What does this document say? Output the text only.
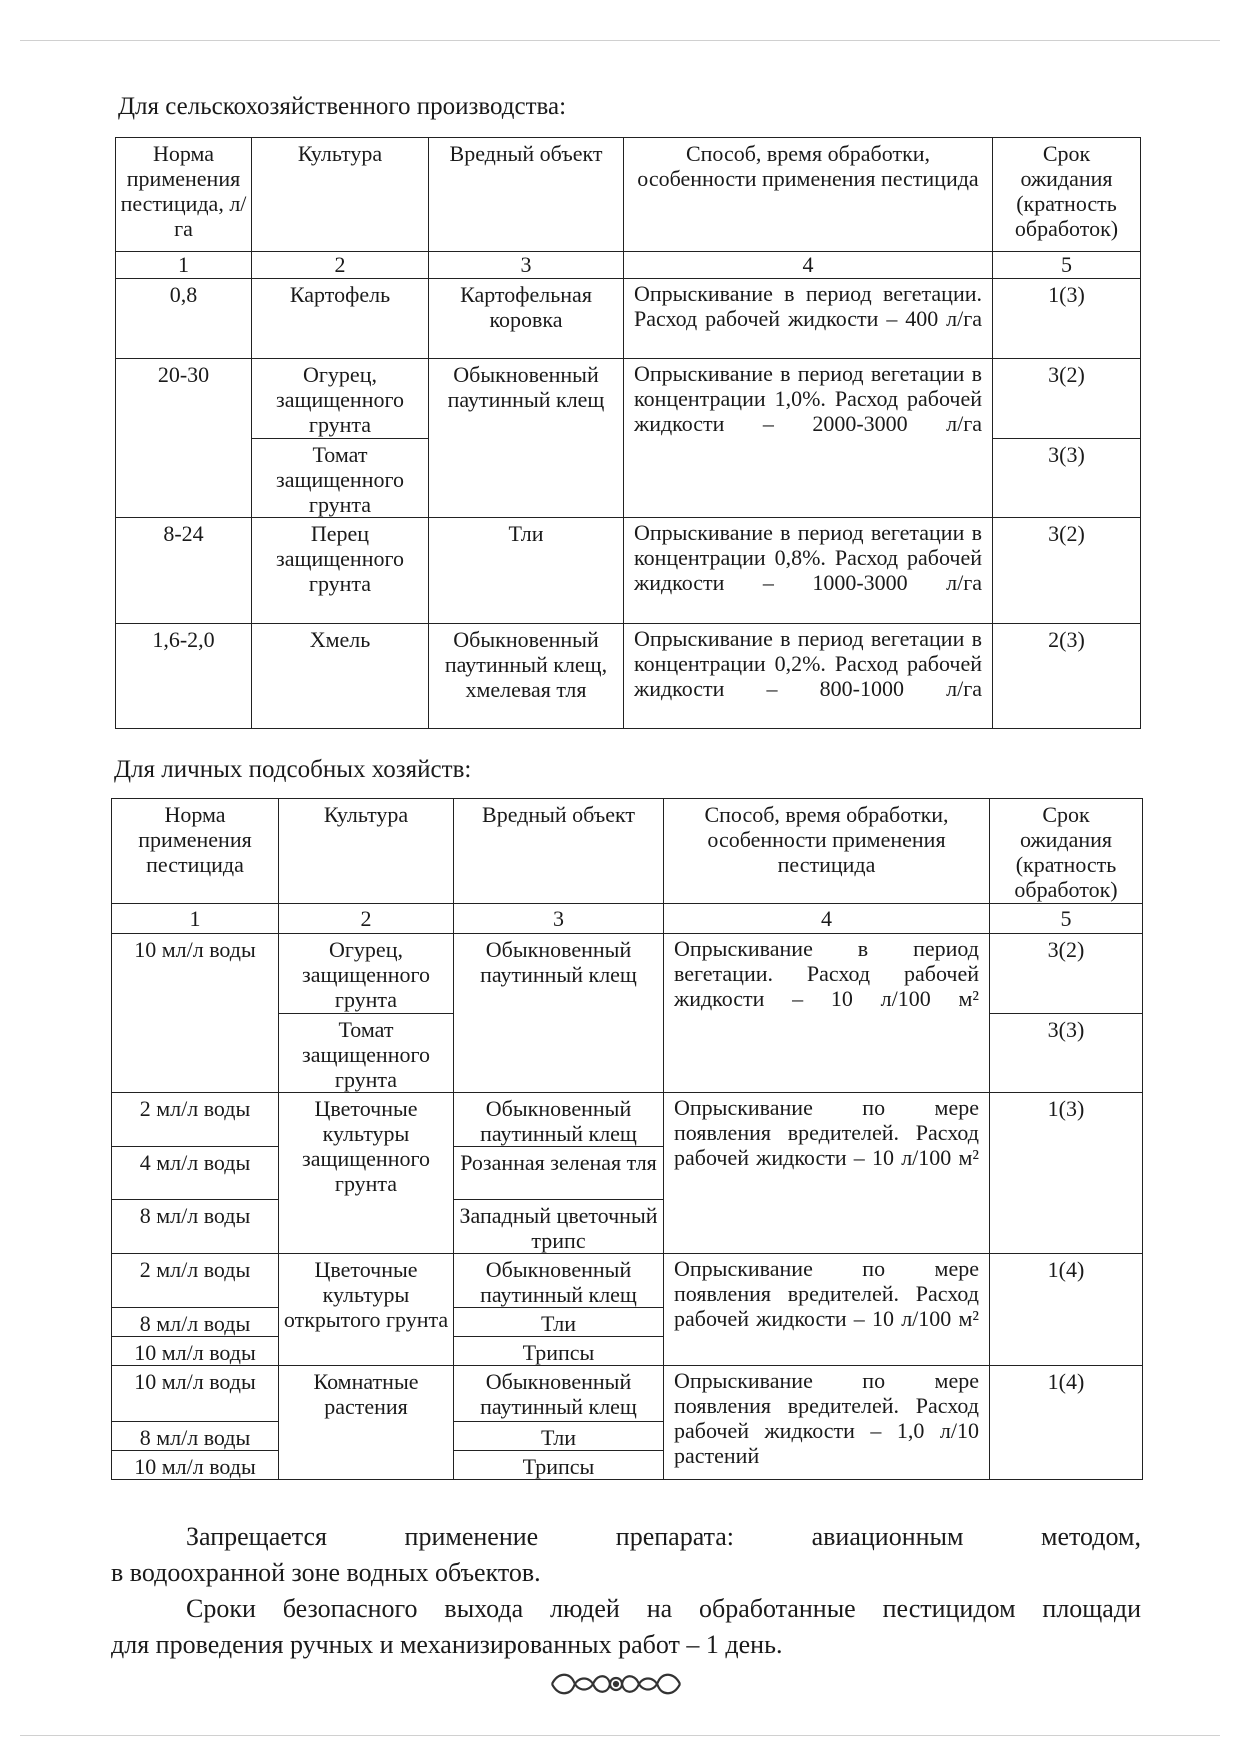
Для сельскохозяйственного производства:
Норма применения пестицида, л/га	Культура	Вредный объект	Способ, время обработки, особенности применения пестицида	Срок ожидания (кратность обработок)
1	2	3	4	5
0,8	Картофель	Картофельная коровка	Опрыскивание в период вегетации. Расход рабочей жидкости – 400 л/га	1(3)
20-30	Огурец, защищенного грунта	Обыкновенный паутинный клещ	Опрыскивание в период вегетации в концентрации 1,0%. Расход рабочей жидкости – 2000-3000 л/га	3(2)
	Томат защищенного грунта			3(3)
8-24	Перец защищенного грунта	Тли	Опрыскивание в период вегетации в концентрации 0,8%. Расход рабочей жидкости – 1000-3000 л/га	3(2)
1,6-2,0	Хмель	Обыкновенный паутинный клещ, хмелевая тля	Опрыскивание в период вегетации в концентрации 0,2%. Расход рабочей жидкости – 800-1000 л/га	2(3)
Для личных подсобных хозяйств:
Норма применения пестицида	Культура	Вредный объект	Способ, время обработки, особенности применения пестицида	Срок ожидания (кратность обработок)
1	2	3	4	5
10 мл/л воды	Огурец, защищенного грунта	Обыкновенный паутинный клещ	Опрыскивание в период вегетации. Расход рабочей жидкости – 10 л/100 м²	3(2)
	Томат защищенного грунта			3(3)
2 мл/л воды	Цветочные культуры защищенного грунта	Обыкновенный паутинный клещ	Опрыскивание по мере появления вредителей. Расход рабочей жидкости – 10 л/100 м²	1(3)
4 мл/л воды		Розанная зеленая тля		
8 мл/л воды		Западный цветочный трипс		
2 мл/л воды	Цветочные культуры открытого грунта	Обыкновенный паутинный клещ	Опрыскивание по мере появления вредителей. Расход рабочей жидкости – 10 л/100 м²	1(4)
8 мл/л воды		Тли		
10 мл/л воды		Трипсы		
10 мл/л воды	Комнатные растения	Обыкновенный паутинный клещ	Опрыскивание по мере появления вредителей. Расход рабочей жидкости – 1,0 л/10 растений	1(4)
8 мл/л воды		Тли		
10 мл/л воды		Трипсы		
Запрещается применение препарата: авиационным методом,
в водоохранной зоне водных объектов.
Сроки безопасного выхода людей на обработанные пестицидом площади
для проведения ручных и механизированных работ – 1 день.
